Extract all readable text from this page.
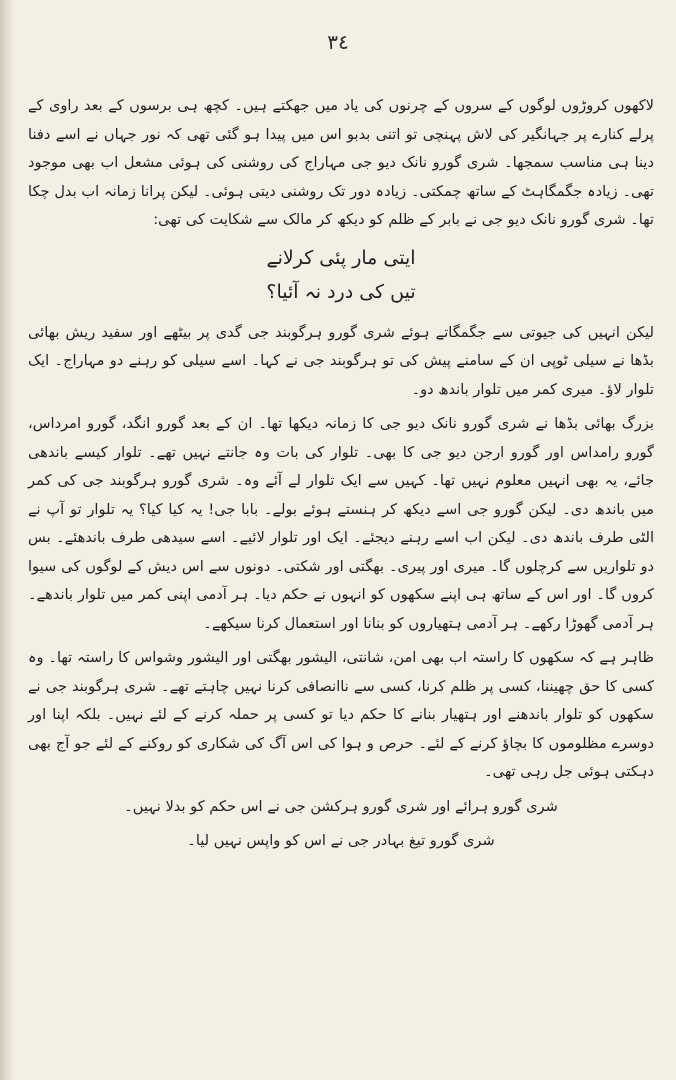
٣٤

لاکھوں کروڑوں لوگوں کے سروں کے چرنوں کی یاد میں جھکتے ہیں۔ کچھ ہی برسوں کے بعد راوی کے پرلے کنارے پر جہانگیر کی لاش پہنچی تو اتنی بدبو اس میں پیدا ہو گئی تھی کہ نور جہاں نے اسے دفنا دینا ہی مناسب سمجھا۔ شری گورو نانک دیو جی مہاراج کی روشنی کی ہوئی مشعل اب بھی موجود تھی۔ زیادہ جگمگاہٹ کے ساتھ چمکتی۔ زیادہ دور تک روشنی دیتی ہوئی۔ لیکن پرانا زمانہ اب بدل چکا تھا۔ شری گورو نانک دیو جی نے بابر کے ظلم کو دیکھ کر مالک سے شکایت کی تھی:

ایتی مار پئی کرلانے
تیں کی درد نہ آئیا؟

لیکن انہیں کی جیوتی سے جگمگاتے ہوئے شری گورو ہرگوبند جی گدی پر بیٹھے اور سفید ریش بھائی بڈھا نے سیلی ٹوپی ان کے سامنے پیش کی تو ہرگوبند جی نے کہا۔ اسے سیلی کو رہنے دو مہاراج۔ ایک تلوار لاؤ۔ میری کمر میں تلوار باندھ دو۔

بزرگ بھائی بڈھا نے شری گورو نانک دیو جی کا زمانہ دیکھا تھا۔ ان کے بعد گورو انگد، گورو امرداس، گورو رامداس اور گورو ارجن دیو جی کا بھی۔ تلوار کی بات وہ جانتے نہیں تھے۔ تلوار کیسے باندھی جائے، یہ بھی انہیں معلوم نہیں تھا۔ کہیں سے ایک تلوار لے آئے وہ۔ شری گورو ہرگوبند جی کی کمر میں باندھ دی۔ لیکن گورو جی اسے دیکھ کر ہنستے ہوئے بولے۔ بابا جی! یہ کیا کیا؟ یہ تلوار تو آپ نے الٹی طرف باندھ دی۔ لیکن اب اسے رہنے دیجئے۔ ایک اور تلوار لائیے۔ اسے سیدھی طرف باندھئے۔ بس دو تلواریں سے کرچلوں گا۔ میری اور پیری۔ بھگتی اور شکتی۔ دونوں سے اس دیش کے لوگوں کی سیوا کروں گا۔ اور اس کے ساتھ ہی اپنے سکھوں کو انہوں نے حکم دیا۔ ہر آدمی اپنی کمر میں تلوار باندھے۔ ہر آدمی گھوڑا رکھے۔ ہر آدمی ہتھیاروں کو بنانا اور استعمال کرنا سیکھے۔

ظاہر ہے کہ سکھوں کا راستہ اب بھی امن، شانتی، الیشور بھگتی اور الیشور وشواس کا راستہ تھا۔ وہ کسی کا حق چھیننا، کسی پر ظلم کرنا، کسی سے ناانصافی کرنا نہیں چاہتے تھے۔ شری ہرگوبند جی نے سکھوں کو تلوار باندھنے اور ہتھیار بنانے کا حکم دیا تو کسی پر حملہ کرنے کے لئے نہیں۔ بلکہ اپنا اور دوسرے مظلوموں کا بچاؤ کرنے کے لئے۔ حرص و ہوا کی اس آگ کی شکاری کو روکنے کے لئے جو آج بھی دہکتی ہوئی جل رہی تھی۔

شری گورو ہرائے اور شری گورو ہرکشن جی نے اس حکم کو بدلا نہیں۔

شری گورو تیغ بہادر جی نے اس کو واپس نہیں لیا۔
